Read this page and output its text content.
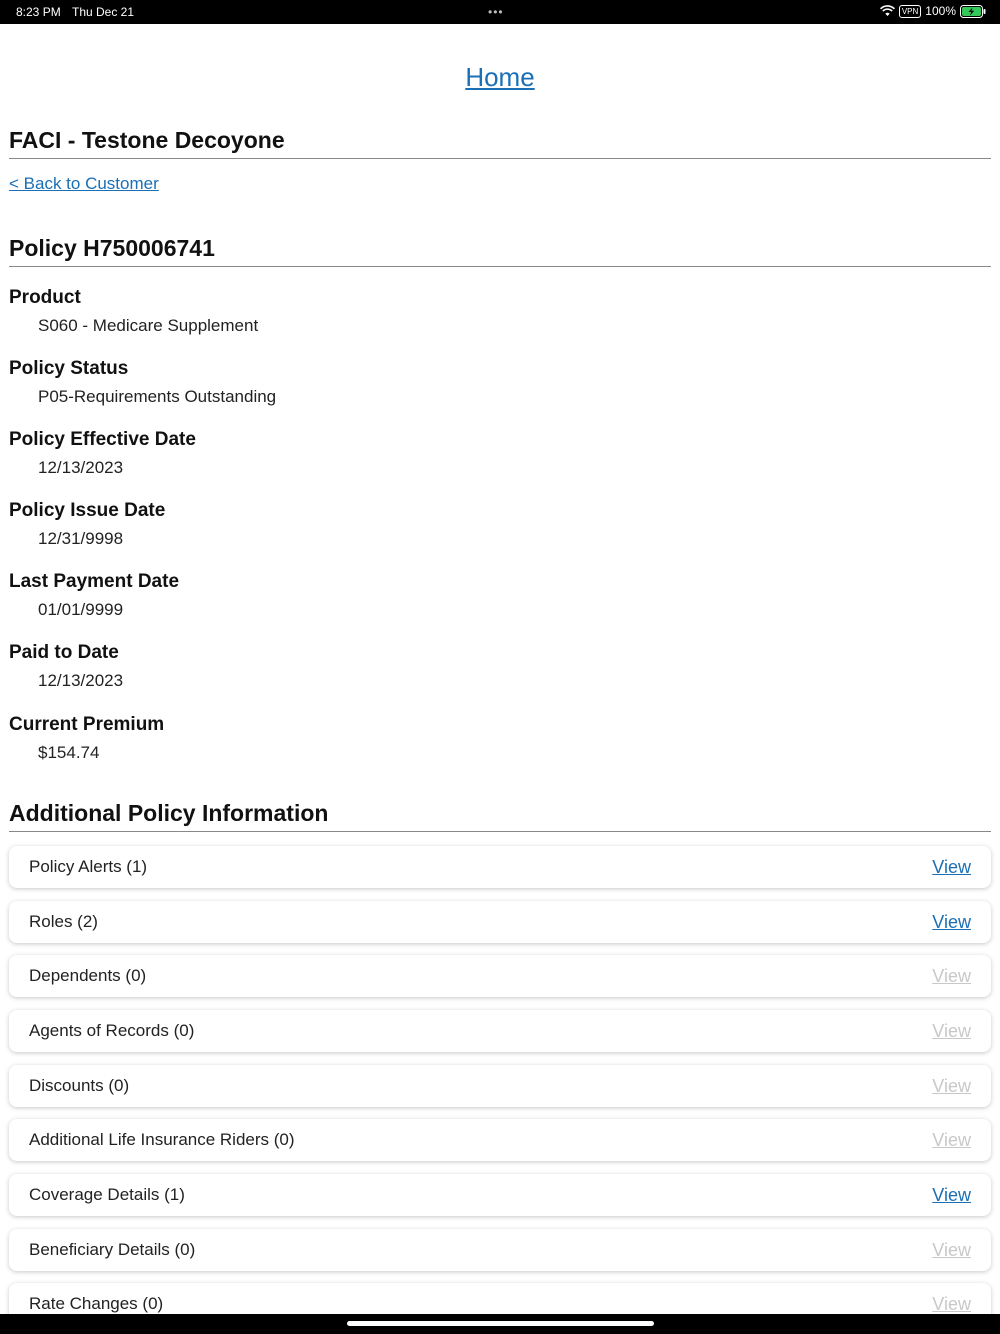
8:23 PM Thu Dec 21	•••	VPN 100%
Home
FACI - Testone Decoyone
< Back to Customer
Policy H750006741
Product
S060 - Medicare Supplement
Policy Status
P05-Requirements Outstanding
Policy Effective Date
12/13/2023
Policy Issue Date
12/31/9998
Last Payment Date
01/01/9999
Paid to Date
12/13/2023
Current Premium
$154.74
Additional Policy Information
Policy Alerts (1)	View
Roles (2)	View
Dependents (0)	View
Agents of Records (0)	View
Discounts (0)	View
Additional Life Insurance Riders (0)	View
Coverage Details (1)	View
Beneficiary Details (0)	View
Rate Changes (0)	View
